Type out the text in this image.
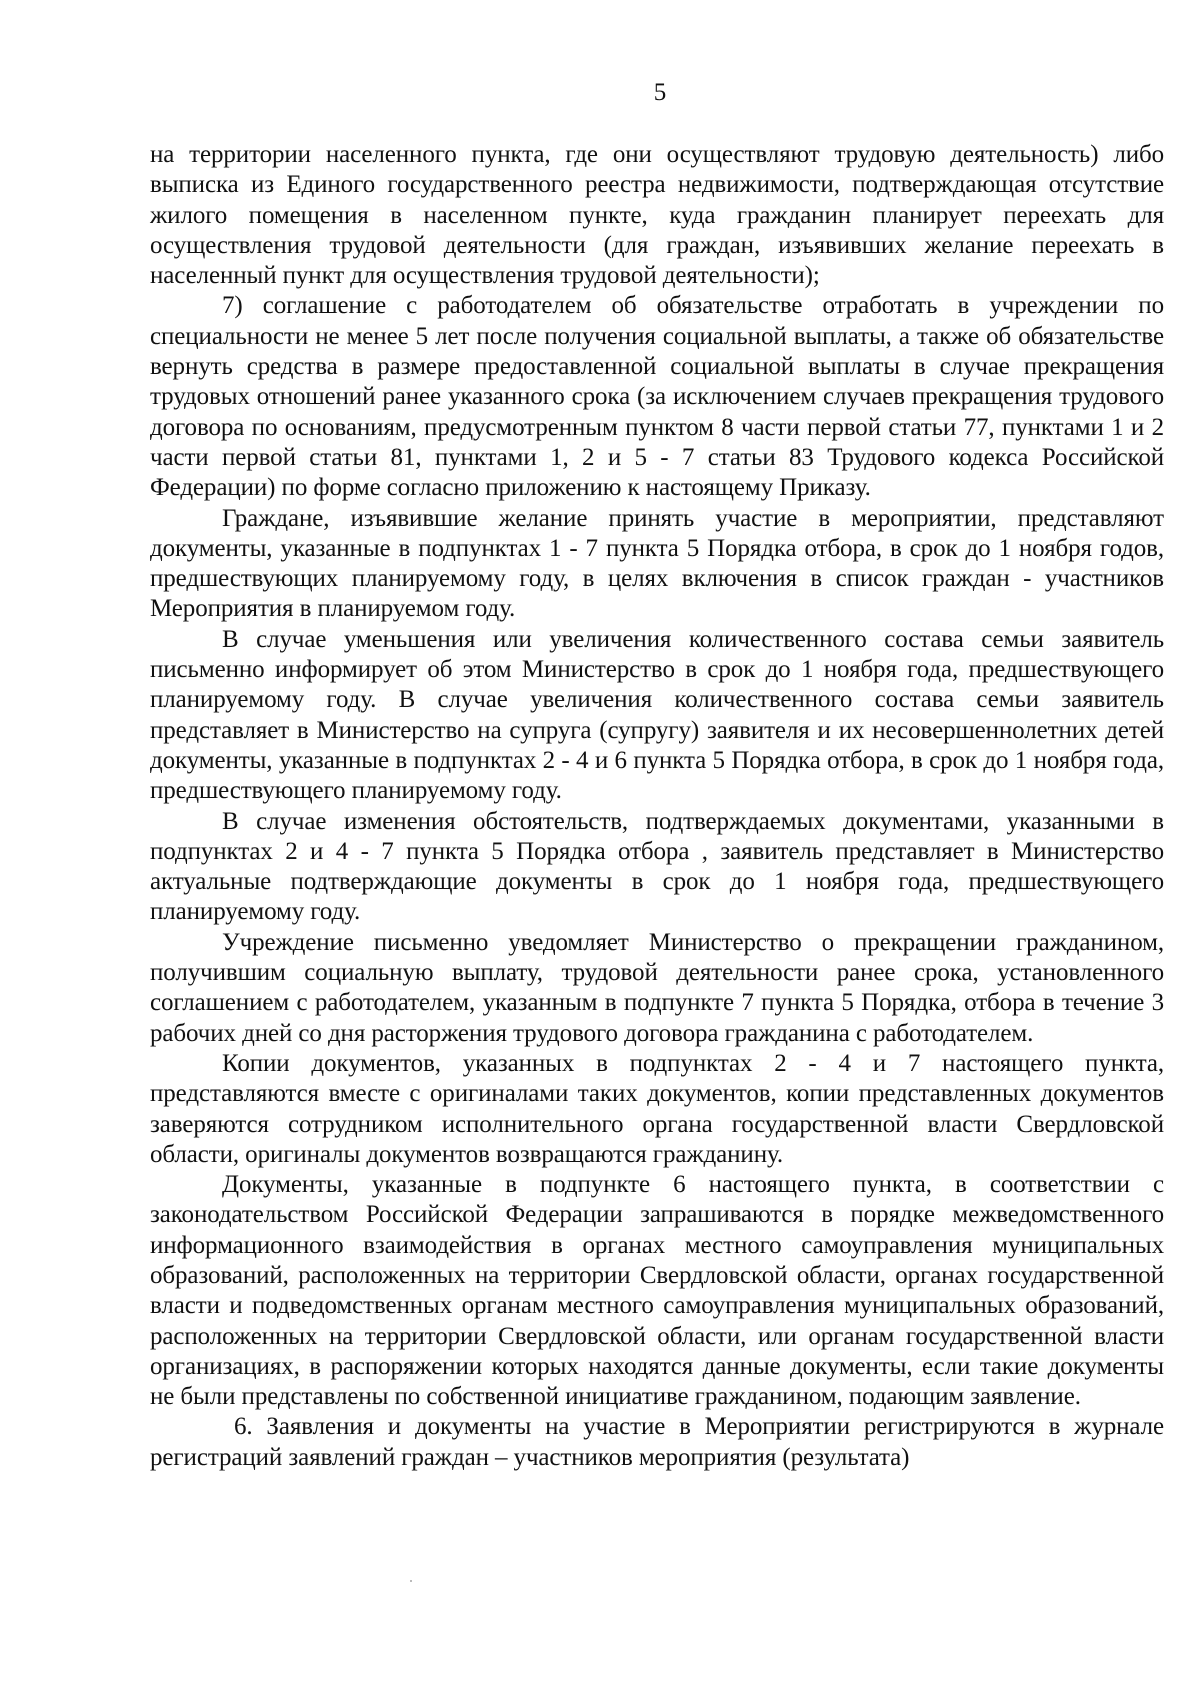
5

на территории населенного пункта, где они осуществляют трудовую деятельность) либо выписка из Единого государственного реестра недвижимости, подтверждающая отсутствие жилого помещения в населенном пункте, куда гражданин планирует переехать для осуществления трудовой деятельности (для граждан, изъявивших желание переехать в населенный пункт для осуществления трудовой деятельности);

7) соглашение с работодателем об обязательстве отработать в учреждении по специальности не менее 5 лет после получения социальной выплаты, а также об обязательстве вернуть средства в размере предоставленной социальной выплаты в случае прекращения трудовых отношений ранее указанного срока (за исключением случаев прекращения трудового договора по основаниям, предусмотренным пунктом 8 части первой статьи 77, пунктами 1 и 2 части первой статьи 81, пунктами 1, 2 и 5 - 7 статьи 83 Трудового кодекса Российской Федерации) по форме согласно приложению к настоящему Приказу.

Граждане, изъявившие желание принять участие в мероприятии, представляют документы, указанные в подпунктах 1 - 7 пункта 5 Порядка отбора, в срок до 1 ноября годов, предшествующих планируемому году, в целях включения в список граждан - участников Мероприятия в планируемом году.

В случае уменьшения или увеличения количественного состава семьи заявитель письменно информирует об этом Министерство в срок до 1 ноября года, предшествующего планируемому году. В случае увеличения количественного состава семьи заявитель представляет в Министерство на супруга (супругу) заявителя и их несовершеннолетних детей документы, указанные в подпунктах 2 - 4 и 6 пункта 5 Порядка отбора, в срок до 1 ноября года, предшествующего планируемому году.

В случае изменения обстоятельств, подтверждаемых документами, указанными в подпунктах 2 и 4 - 7 пункта 5 Порядка отбора , заявитель представляет в Министерство актуальные подтверждающие документы в срок до 1 ноября года, предшествующего планируемому году.

Учреждение письменно уведомляет Министерство о прекращении гражданином, получившим социальную выплату, трудовой деятельности ранее срока, установленного соглашением с работодателем, указанным в подпункте 7 пункта 5 Порядка, отбора в течение 3 рабочих дней со дня расторжения трудового договора гражданина с работодателем.

Копии документов, указанных в подпунктах 2 - 4 и 7 настоящего пункта, представляются вместе с оригиналами таких документов, копии представленных документов заверяются сотрудником исполнительного органа государственной власти Свердловской области, оригиналы документов возвращаются гражданину.

Документы, указанные в подпункте 6 настоящего пункта, в соответствии с законодательством Российской Федерации запрашиваются в порядке межведомственного информационного взаимодействия в органах местного самоуправления муниципальных образований, расположенных на территории Свердловской области, органах государственной власти и подведомственных органам местного самоуправления муниципальных образований, расположенных на территории Свердловской области, или органам государственной власти организациях, в распоряжении которых находятся данные документы, если такие документы не были представлены по собственной инициативе гражданином, подающим заявление.

6. Заявления и документы на участие в Мероприятии регистрируются в журнале регистраций заявлений граждан – участников мероприятия (результата)
